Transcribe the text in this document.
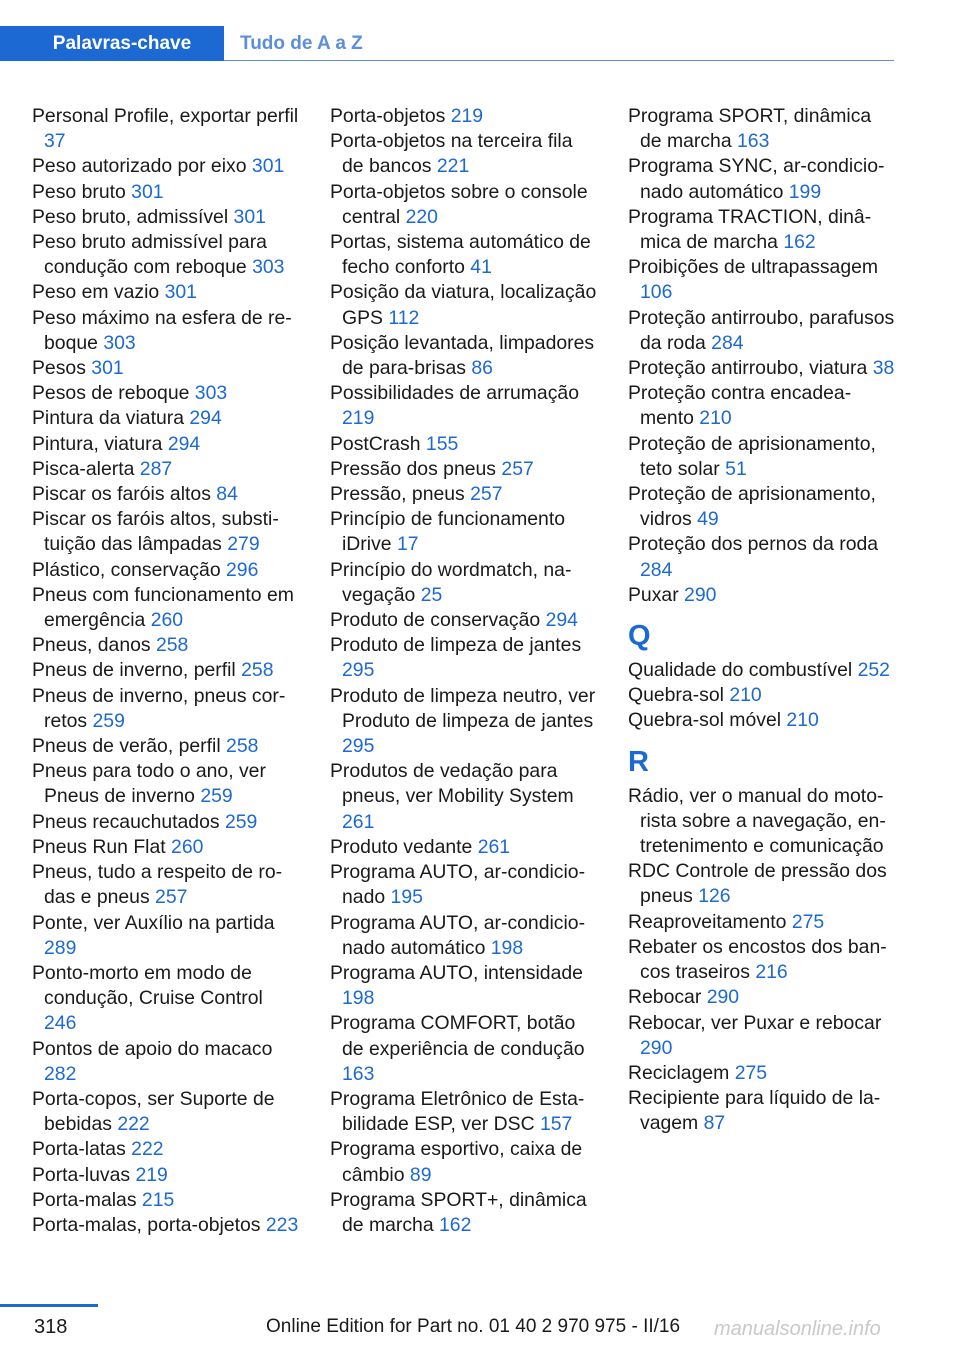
Palavras-chave	Tudo de A a Z

Personal Profile, exportar perfil 37

Peso autorizado por eixo 301

Peso bruto 301

Peso bruto, admissível 301

Peso bruto admissível para condução com reboque 303

Peso em vazio 301

Peso máximo na esfera de reboque 303

Pesos 301

Pesos de reboque 303

Pintura da viatura 294

Pintura, viatura 294

Pisca-alerta 287

Piscar os faróis altos 84

Piscar os faróis altos, substituição das lâmpadas 279

Plástico, conservação 296

Pneus com funcionamento em emergência 260

Pneus, danos 258

Pneus de inverno, perfil 258

Pneus de inverno, pneus corretos 259

Pneus de verão, perfil 258

Pneus para todo o ano, ver Pneus de inverno 259

Pneus recauchutados 259

Pneus Run Flat 260

Pneus, tudo a respeito de rodas e pneus 257

Ponte, ver Auxílio na partida 289

Ponto-morto em modo de condução, Cruise Control 246

Pontos de apoio do macaco 282

Porta-copos, ser Suporte de bebidas 222

Porta-latas 222

Porta-luvas 219

Porta-malas 215

Porta-malas, porta-objetos 223

Porta-objetos 219

Porta-objetos na terceira fila de bancos 221

Porta-objetos sobre o console central 220

Portas, sistema automático de fecho conforto 41

Posição da viatura, localização GPS 112

Posição levantada, limpadores de para-brisas 86

Possibilidades de arrumação 219

PostCrash 155

Pressão dos pneus 257

Pressão, pneus 257

Princípio de funcionamento iDrive 17

Princípio do wordmatch, navegação 25

Produto de conservação 294

Produto de limpeza de jantes 295

Produto de limpeza neutro, ver Produto de limpeza de jantes 295

Produtos de vedação para pneus, ver Mobility System 261

Produto vedante 261

Programa AUTO, ar-condicionado 195

Programa AUTO, ar-condicionado automático 198

Programa AUTO, intensidade 198

Programa COMFORT, botão de experiência de condução 163

Programa Eletrônico de Estabilidade ESP, ver DSC 157

Programa esportivo, caixa de câmbio 89

Programa SPORT+, dinâmica de marcha 162

Programa SPORT, dinâmica de marcha 163

Programa SYNC, ar-condicionado automático 199

Programa TRACTION, dinâmica de marcha 162

Proibições de ultrapassagem 106

Proteção antirroubo, parafusos da roda 284

Proteção antirroubo, viatura 38

Proteção contra encadeamento 210

Proteção de aprisionamento, teto solar 51

Proteção de aprisionamento, vidros 49

Proteção dos pernos da roda 284

Puxar 290

Q

Qualidade do combustível 252

Quebra-sol 210

Quebra-sol móvel 210

R

Rádio, ver o manual do motorista sobre a navegação, entretenimento e comunicação

RDC Controle de pressão dos pneus 126

Reaproveitamento 275

Rebater os encostos dos bancos traseiros 216

Rebocar 290

Rebocar, ver Puxar e rebocar 290

Reciclagem 275

Recipiente para líquido de lavagem 87

318	Online Edition for Part no. 01 40 2 970 975 - II/16 manualsonline.info
